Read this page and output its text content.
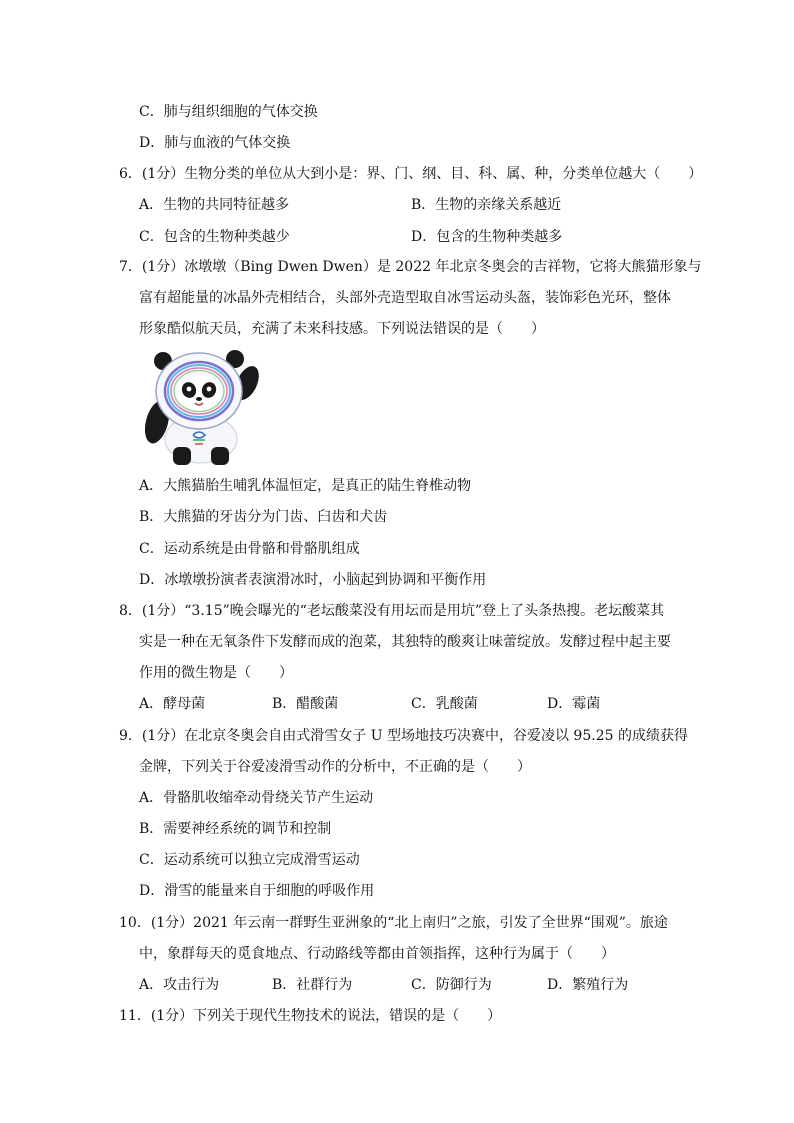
C．肺与组织细胞的气体交换
D．肺与血液的气体交换
6．(1分）生物分类的单位从大到小是：界、门、纲、目、科、属、种，分类单位越大（　　）
A．生物的共同特征越多	B．生物的亲缘关系越近
C．包含的生物种类越少	D．包含的生物种类越多
7．(1分）冰墩墩（Bing Dwen Dwen）是 2022 年北京冬奥会的吉祥物，它将大熊猫形象与
富有超能量的冰晶外壳相结合，头部外壳造型取自冰雪运动头盔，装饰彩色光环，整体
形象酷似航天员，充满了未来科技感。下列说法错误的是（　　）
A．大熊猫胎生哺乳体温恒定，是真正的陆生脊椎动物
B．大熊猫的牙齿分为门齿、臼齿和犬齿
C．运动系统是由骨骼和骨骼肌组成
D．冰墩墩扮演者表演滑冰时，小脑起到协调和平衡作用
8．(1分）“3.15”晚会曝光的“老坛酸菜没有用坛而是用坑”登上了头条热搜。老坛酸菜其
实是一种在无氧条件下发酵而成的泡菜，其独特的酸爽让味蕾绽放。发酵过程中起主要
作用的微生物是（　　）
A．酵母菌	B．醋酸菌	C．乳酸菌	D．霉菌
9．(1分）在北京冬奥会自由式滑雪女子 U 型场地技巧决赛中，谷爱凌以 95.25 的成绩获得
金牌，下列关于谷爱凌滑雪动作的分析中，不正确的是（　　）
A．骨骼肌收缩牵动骨绕关节产生运动
B．需要神经系统的调节和控制
C．运动系统可以独立完成滑雪运动
D．滑雪的能量来自于细胞的呼吸作用
10．(1分）2021 年云南一群野生亚洲象的“北上南归”之旅，引发了全世界“围观”。旅途
中，象群每天的觅食地点、行动路线等都由首领指挥，这种行为属于（　　）
A．攻击行为	B．社群行为	C．防御行为	D．繁殖行为
11．(1分）下列关于现代生物技术的说法，错误的是（　　）
